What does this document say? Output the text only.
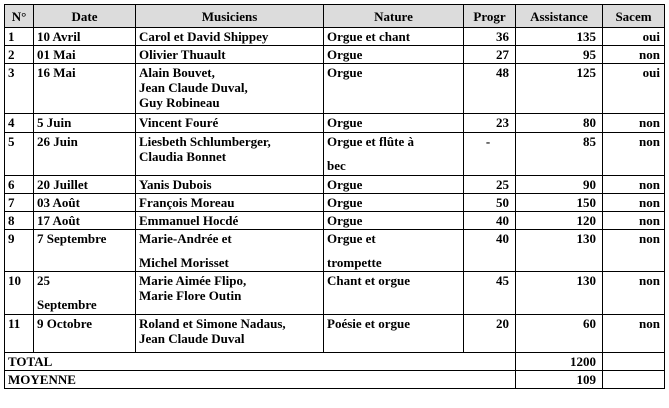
N°	Date	Musiciens	Nature	Progr	Assistance	Sacem
1	10 Avril	Carol et David Shippey	Orgue et chant	36	135	oui
2	01 Mai	Olivier Thuault	Orgue	27	95	non
3	16 Mai	Alain Bouvet,
Jean Claude Duval,
Guy Robineau	Orgue	48	125	oui
4	5 Juin	Vincent Fouré	Orgue	23	80	non
5	26 Juin	Liesbeth Schlumberger,
Claudia Bonnet	Orgue et flûte à
bec	-	85	non
6	20 Juillet	Yanis Dubois	Orgue	25	90	non
7	03 Août	François Moreau	Orgue	50	150	non
8	17 Août	Emmanuel Hocdé	Orgue	40	120	non
9	7 Septembre	Marie-Andrée et
Michel Morisset	Orgue et
trompette	40	130	non
10	25
Septembre	Marie Aimée Flipo,
Marie Flore Outin	Chant et orgue	45	130	non
11	9 Octobre	Roland et Simone Nadaus,
Jean Claude Duval	Poésie et orgue	20	60	non
TOTAL					1200	
MOYENNE					109	
